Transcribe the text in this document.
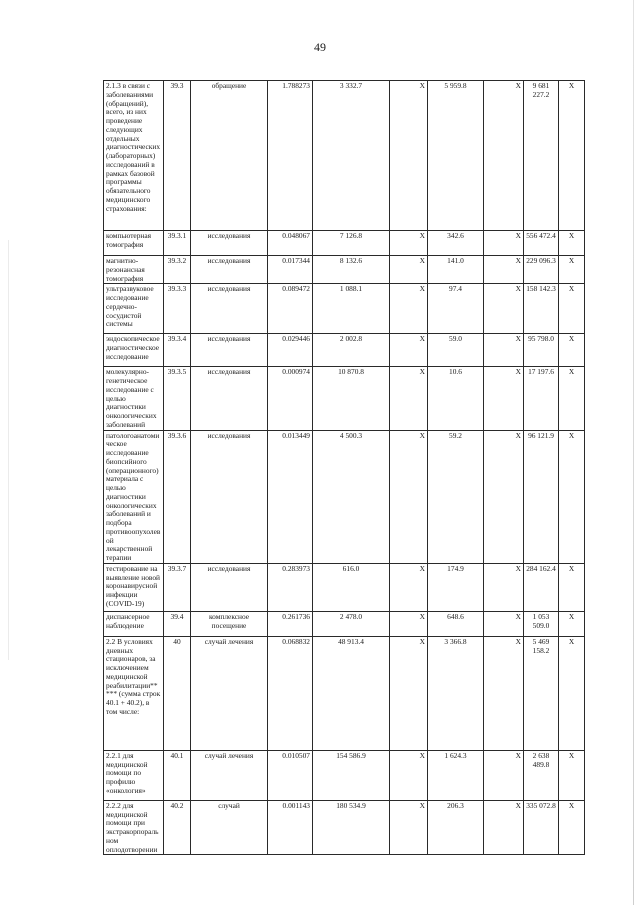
49
2.1.3 в связи с заболеваниями (обращений), всего, из них проведение следующих отдельных диагностических (лабораторных) исследований в рамках базовой программы обязательного медицинского страхования:	39.3	обращение	1.788273	3 332.7	X	5 959.8	X	9 681 227.2	X
компьютерная томография	39.3.1	исследования	0.048067	7 126.8	X	342.6	X	556 472.4	X
магнитно-резонансная томография	39.3.2	исследования	0.017344	8 132.6	X	141.0	X	229 096.3	X
ультразвуковое исследование сердечно-сосудистой системы	39.3.3	исследования	0.089472	1 088.1	X	97.4	X	158 142.3	X
эндоскопическое диагностическое исследование	39.3.4	исследования	0.029446	2 002.8	X	59.0	X	95 798.0	X
молекулярно-генетическое исследование с целью диагностики онкологических заболеваний	39.3.5	исследования	0.000974	10 870.8	X	10.6	X	17 197.6	X
патологоанатомическое исследование биопсийного (операционного) материала с целью диагностики онкологических заболеваний и подбора противоопухолевой лекарственной терапии	39.3.6	исследования	0.013449	4 500.3	X	59.2	X	96 121.9	X
тестирование на выявление новой коронавирусной инфекции (COVID-19)	39.3.7	исследования	0.283973	616.0	X	174.9	X	284 162.4	X
диспансерное наблюдение	39.4	комплексное посещение	0.261736	2 478.0	X	648.6	X	1 053 509.0	X
2.2 В условиях дневных стационаров, за исключением медицинской реабилитации***** (сумма строк 40.1 + 40.2), в том числе:	40	случай лечения	0.068832	48 913.4	X	3 366.8	X	5 469 158.2	X
2.2.1 для медицинской помощи по профилю «онкология»	40.1	случай лечения	0.010507	154 586.9	X	1 624.3	X	2 638 489.8	X
2.2.2 для медицинской помощи при экстракорпоральном оплодотворении	40.2	случай	0.001143	180 534.9	X	206.3	X	335 072.8	X
